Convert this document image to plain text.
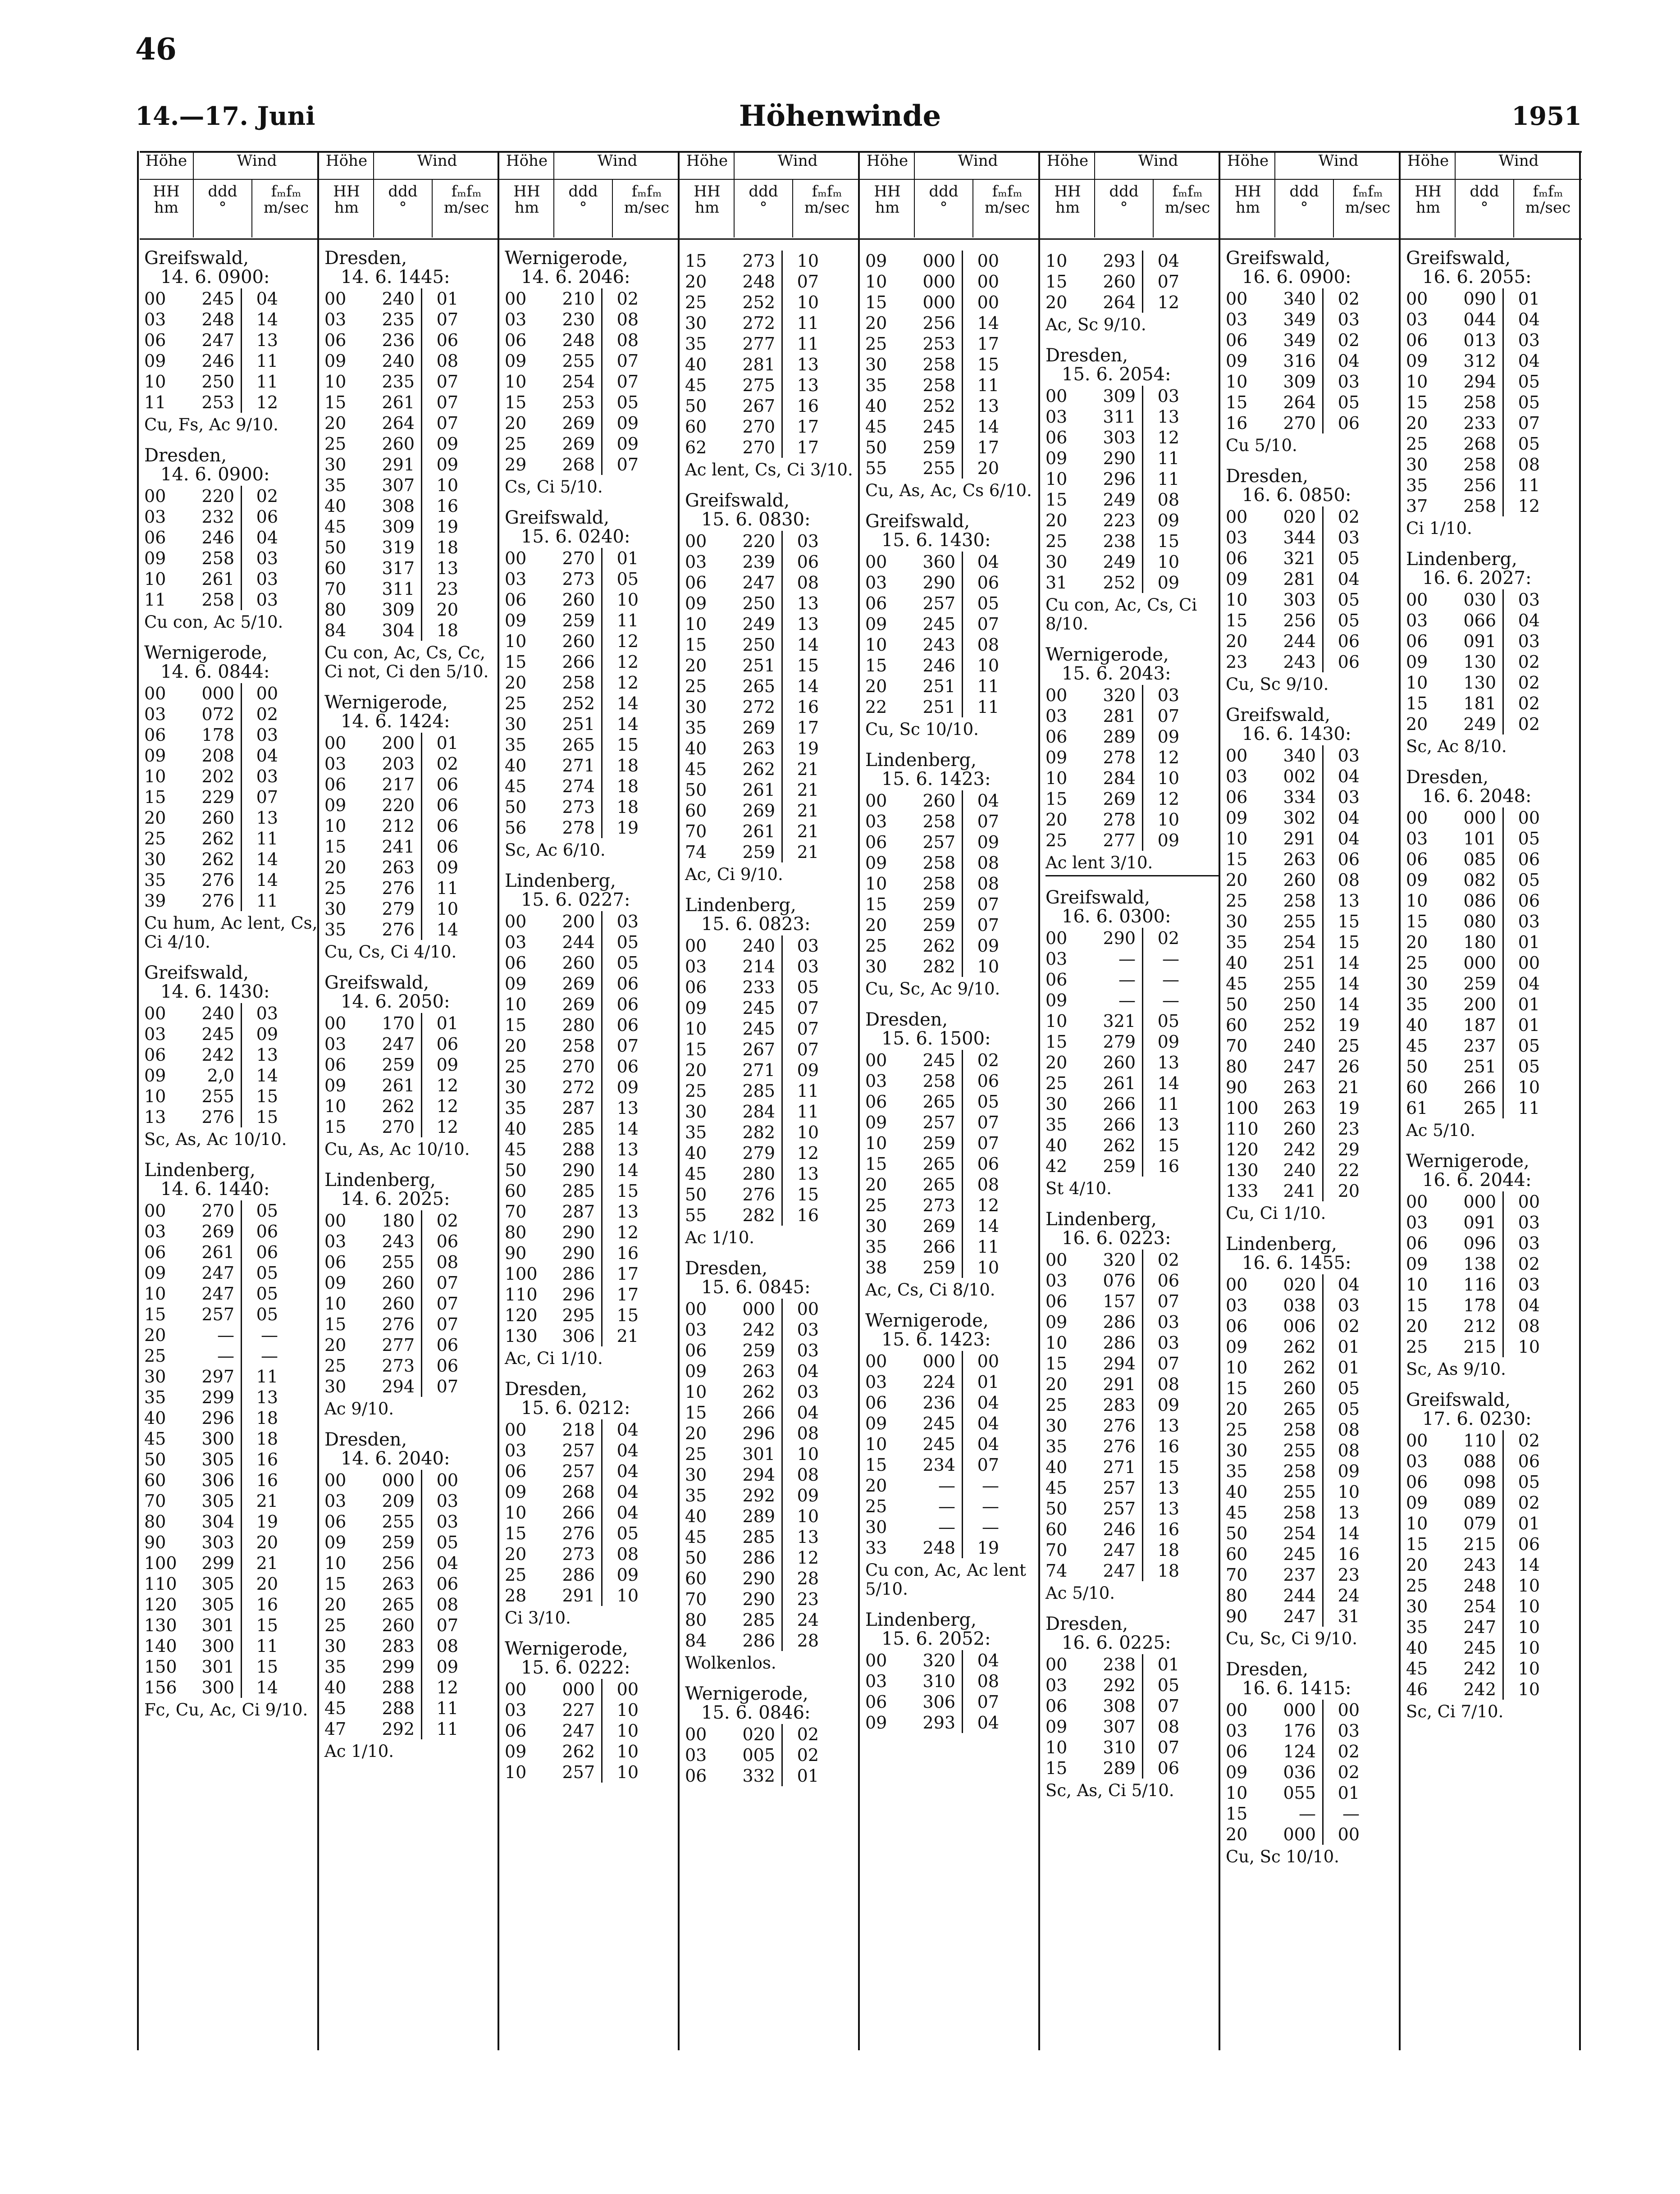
46
14.—17. Juni	Höhenwinde	1951
Höhe	Wind
HH
hm
ddd
°
fₘfₘ
m/sec
Greifswald,
14. 6. 0900:
00	245	04
03	248	14
06	247	13
09	246	11
10	250	11
11	253	12
Cu, Fs, Ac 9/10.
Dresden,
14. 6. 0900:
00	220	02
03	232	06
06	246	04
09	258	03
10	261	03
11	258	03
Cu con, Ac 5/10.
Wernigerode,
14. 6. 0844:
00	000	00
03	072	02
06	178	03
09	208	04
10	202	03
15	229	07
20	260	13
25	262	11
30	262	14
35	276	14
39	276	11
Cu hum, Ac lent, Cs, Ci 4/10.
Greifswald,
14. 6. 1430:
00	240	03
03	245	09
06	242	13
09	2,0	14
10	255	15
13	276	15
Sc, As, Ac 10/10.
Lindenberg,
14. 6. 1440:
00	270	05
03	269	06
06	261	06
09	247	05
10	247	05
15	257	05
20	—	—
25	—	—
30	297	11
35	299	13
40	296	18
45	300	18
50	305	16
60	306	16
70	305	21
80	304	19
90	303	20
100	299	21
110	305	20
120	305	16
130	301	15
140	300	11
150	301	15
156	300	14
Fc, Cu, Ac, Ci 9/10.
Höhe	Wind
HH
hm
ddd
°
fₘfₘ
m/sec
Dresden,
14. 6. 1445:
00	240	01
03	235	07
06	236	06
09	240	08
10	235	07
15	261	07
20	264	07
25	260	09
30	291	09
35	307	10
40	308	16
45	309	19
50	319	18
60	317	13
70	311	23
80	309	20
84	304	18
Cu con, Ac, Cs, Cc, Ci not, Ci den 5/10.
Wernigerode,
14. 6. 1424:
00	200	01
03	203	02
06	217	06
09	220	06
10	212	06
15	241	06
20	263	09
25	276	11
30	279	10
35	276	14
Cu, Cs, Ci 4/10.
Greifswald,
14. 6. 2050:
00	170	01
03	247	06
06	259	09
09	261	12
10	262	12
15	270	12
Cu, As, Ac 10/10.
Lindenberg,
14. 6. 2025:
00	180	02
03	243	06
06	255	08
09	260	07
10	260	07
15	276	07
20	277	06
25	273	06
30	294	07
Ac 9/10.
Dresden,
14. 6. 2040:
00	000	00
03	209	03
06	255	03
09	259	05
10	256	04
15	263	06
20	265	08
25	260	07
30	283	08
35	299	09
40	288	12
45	288	11
47	292	11
Ac 1/10.
Höhe	Wind
HH
hm
ddd
°
fₘfₘ
m/sec
Wernigerode,
14. 6. 2046:
00	210	02
03	230	08
06	248	08
09	255	07
10	254	07
15	253	05
20	269	09
25	269	09
29	268	07
Cs, Ci 5/10.
Greifswald,
15. 6. 0240:
00	270	01
03	273	05
06	260	10
09	259	11
10	260	12
15	266	12
20	258	12
25	252	14
30	251	14
35	265	15
40	271	18
45	274	18
50	273	18
56	278	19
Sc, Ac 6/10.
Lindenberg,
15. 6. 0227:
00	200	03
03	244	05
06	260	05
09	269	06
10	269	06
15	280	06
20	258	07
25	270	06
30	272	09
35	287	13
40	285	14
45	288	13
50	290	14
60	285	15
70	287	13
80	290	12
90	290	16
100	286	17
110	296	17
120	295	15
130	306	21
Ac, Ci 1/10.
Dresden,
15. 6. 0212:
00	218	04
03	257	04
06	257	04
09	268	04
10	266	04
15	276	05
20	273	08
25	286	09
28	291	10
Ci 3/10.
Wernigerode,
15. 6. 0222:
00	000	00
03	227	10
06	247	10
09	262	10
10	257	10
Höhe	Wind
HH
hm
ddd
°
fₘfₘ
m/sec
15	273	10
20	248	07
25	252	10
30	272	11
35	277	11
40	281	13
45	275	13
50	267	16
60	270	17
62	270	17
Ac lent, Cs, Ci 3/10.
Greifswald,
15. 6. 0830:
00	220	03
03	239	06
06	247	08
09	250	13
10	249	13
15	250	14
20	251	15
25	265	14
30	272	16
35	269	17
40	263	19
45	262	21
50	261	21
60	269	21
70	261	21
74	259	21
Ac, Ci 9/10.
Lindenberg,
15. 6. 0823:
00	240	03
03	214	03
06	233	05
09	245	07
10	245	07
15	267	07
20	271	09
25	285	11
30	284	11
35	282	10
40	279	12
45	280	13
50	276	15
55	282	16
Ac 1/10.
Dresden,
15. 6. 0845:
00	000	00
03	242	03
06	259	03
09	263	04
10	262	03
15	266	04
20	296	08
25	301	10
30	294	08
35	292	09
40	289	10
45	285	13
50	286	12
60	290	28
70	290	23
80	285	24
84	286	28
Wolkenlos.
Wernigerode,
15. 6. 0846:
00	020	02
03	005	02
06	332	01
Höhe	Wind
HH
hm
ddd
°
fₘfₘ
m/sec
09	000	00
10	000	00
15	000	00
20	256	14
25	253	17
30	258	15
35	258	11
40	252	13
45	245	14
50	259	17
55	255	20
Cu, As, Ac, Cs 6/10.
Greifswald,
15. 6. 1430:
00	360	04
03	290	06
06	257	05
09	245	07
10	243	08
15	246	10
20	251	11
22	251	11
Cu, Sc 10/10.
Lindenberg,
15. 6. 1423:
00	260	04
03	258	07
06	257	09
09	258	08
10	258	08
15	259	07
20	259	07
25	262	09
30	282	10
Cu, Sc, Ac 9/10.
Dresden,
15. 6. 1500:
00	245	02
03	258	06
06	265	05
09	257	07
10	259	07
15	265	06
20	265	08
25	273	12
30	269	14
35	266	11
38	259	10
Ac, Cs, Ci 8/10.
Wernigerode,
15. 6. 1423:
00	000	00
03	224	01
06	236	04
09	245	04
10	245	04
15	234	07
20	—	—
25	—	—
30	—	—
33	248	19
Cu con, Ac, Ac lent 5/10.
Lindenberg,
15. 6. 2052:
00	320	04
03	310	08
06	306	07
09	293	04
Höhe	Wind
HH
hm
ddd
°
fₘfₘ
m/sec
10	293	04
15	260	07
20	264	12
Ac, Sc 9/10.
Dresden,
15. 6. 2054:
00	309	03
03	311	13
06	303	12
09	290	11
10	296	11
15	249	08
20	223	09
25	238	15
30	249	10
31	252	09
Cu con, Ac, Cs, Ci 8/10.
Wernigerode,
15. 6. 2043:
00	320	03
03	281	07
06	289	09
09	278	12
10	284	10
15	269	12
20	278	10
25	277	09
Ac lent 3/10.
Greifswald,
16. 6. 0300:
00	290	02
03	—	—
06	—	—
09	—	—
10	321	05
15	279	09
20	260	13
25	261	14
30	266	11
35	266	13
40	262	15
42	259	16
St 4/10.
Lindenberg,
16. 6. 0223:
00	320	02
03	076	06
06	157	07
09	286	03
10	286	03
15	294	07
20	291	08
25	283	09
30	276	13
35	276	16
40	271	15
45	257	13
50	257	13
60	246	16
70	247	18
74	247	18
Ac 5/10.
Dresden,
16. 6. 0225:
00	238	01
03	292	05
06	308	07
09	307	08
10	310	07
15	289	06
Sc, As, Ci 5/10.
Höhe	Wind
HH
hm
ddd
°
fₘfₘ
m/sec
Greifswald,
16. 6. 0900:
00	340	02
03	349	03
06	349	02
09	316	04
10	309	03
15	264	05
16	270	06
Cu 5/10.
Dresden,
16. 6. 0850:
00	020	02
03	344	03
06	321	05
09	281	04
10	303	05
15	256	05
20	244	06
23	243	06
Cu, Sc 9/10.
Greifswald,
16. 6. 1430:
00	340	03
03	002	04
06	334	03
09	302	04
10	291	04
15	263	06
20	260	08
25	258	13
30	255	15
35	254	15
40	251	14
45	255	14
50	250	14
60	252	19
70	240	25
80	247	26
90	263	21
100	263	19
110	260	23
120	242	29
130	240	22
133	241	20
Cu, Ci 1/10.
Lindenberg,
16. 6. 1455:
00	020	04
03	038	03
06	006	02
09	262	01
10	262	01
15	260	05
20	265	05
25	258	08
30	255	08
35	258	09
40	255	10
45	258	13
50	254	14
60	245	16
70	237	23
80	244	24
90	247	31
Cu, Sc, Ci 9/10.
Dresden,
16. 6. 1415:
00	000	00
03	176	03
06	124	02
09	036	02
10	055	01
15	—	—
20	000	00
Cu, Sc 10/10.
Höhe	Wind
HH
hm
ddd
°
fₘfₘ
m/sec
Greifswald,
16. 6. 2055:
00	090	01
03	044	04
06	013	03
09	312	04
10	294	05
15	258	05
20	233	07
25	268	05
30	258	08
35	256	11
37	258	12
Ci 1/10.
Lindenberg,
16. 6. 2027:
00	030	03
03	066	04
06	091	03
09	130	02
10	130	02
15	181	02
20	249	02
Sc, Ac 8/10.
Dresden,
16. 6. 2048:
00	000	00
03	101	05
06	085	06
09	082	05
10	086	06
15	080	03
20	180	01
25	000	00
30	259	04
35	200	01
40	187	01
45	237	05
50	251	05
60	266	10
61	265	11
Ac 5/10.
Wernigerode,
16. 6. 2044:
00	000	00
03	091	03
06	096	03
09	138	02
10	116	03
15	178	04
20	212	08
25	215	10
Sc, As 9/10.
Greifswald,
17. 6. 0230:
00	110	02
03	088	06
06	098	05
09	089	02
10	079	01
15	215	06
20	243	14
25	248	10
30	254	10
35	247	10
40	245	10
45	242	10
46	242	10
Sc, Ci 7/10.
